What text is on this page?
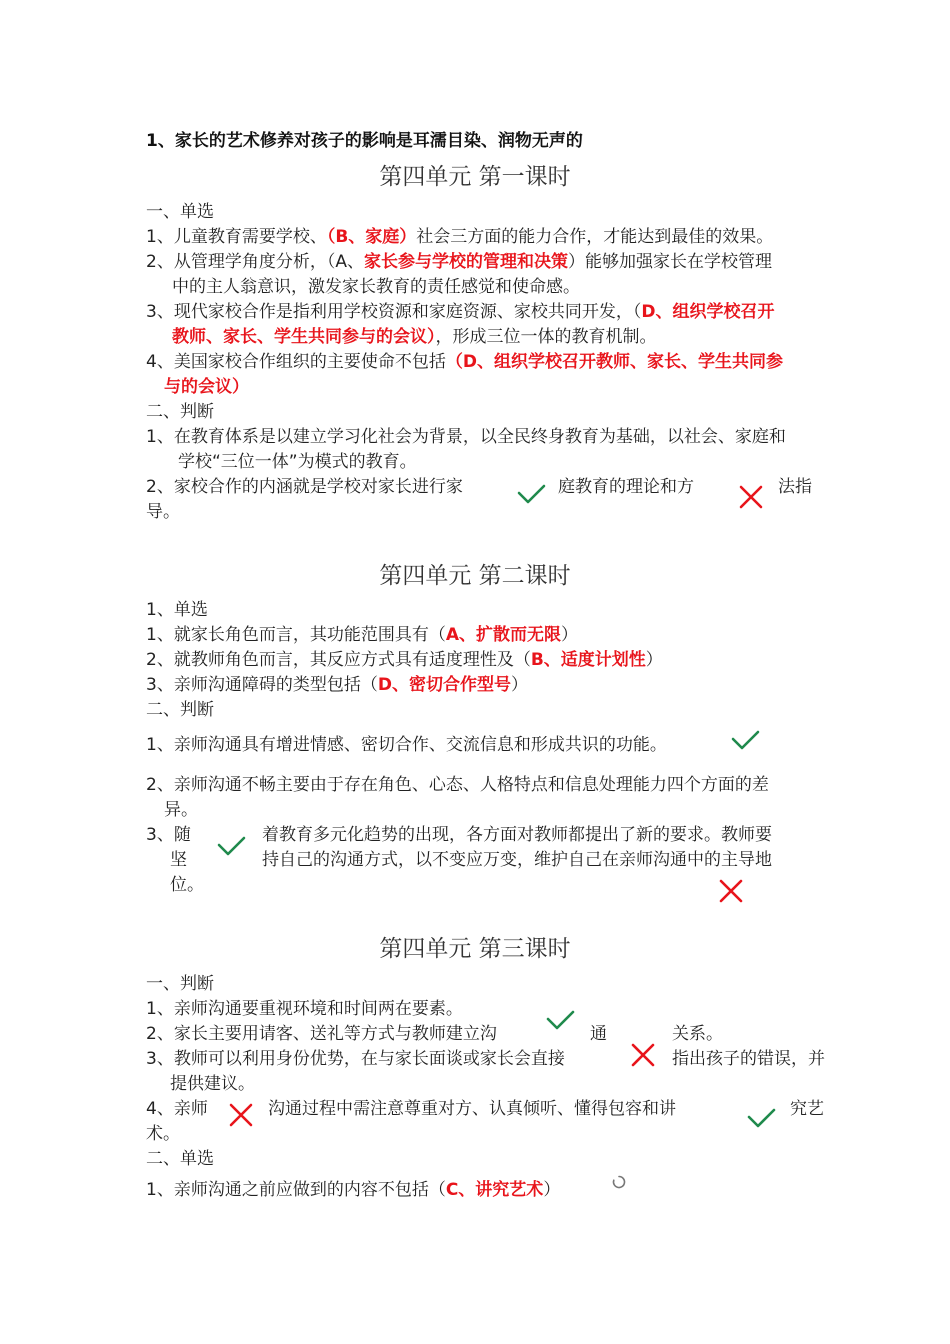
1、家长的艺术修养对孩子的影响是耳濡目染、润物无声的
第四单元 第一课时
一、单选
1、儿童教育需要学校、（B、家庭）社会三方面的能力合作，才能达到最佳的效果。
2、从管理学角度分析，（A、家长参与学校的管理和决策）能够加强家长在学校管理
中的主人翁意识，激发家长教育的责任感觉和使命感。
3、现代家校合作是指利用学校资源和家庭资源、家校共同开发，（D、组织学校召开
教师、家长、学生共同参与的会议），形成三位一体的教育机制。
4、美国家校合作组织的主要使命不包括（D、组织学校召开教师、家长、学生共同参
与的会议）
二、判断
1、在教育体系是以建立学习化社会为背景，以全民终身教育为基础，以社会、家庭和
学校“三位一体”为模式的教育。
2、家校合作的内涵就是学校对家长进行家	庭教育的理论和方	法指
导。
第四单元 第二课时
1、单选
1、就家长角色而言，其功能范围具有（A、扩散而无限）
2、就教师角色而言，其反应方式具有适度理性及（B、适度计划性）
3、亲师沟通障碍的类型包括（D、密切合作型号）
二、判断
1、亲师沟通具有增进情感、密切合作、交流信息和形成共识的功能。
2、亲师沟通不畅主要由于存在角色、心态、人格特点和信息处理能力四个方面的差
异。
3、随	着教育多元化趋势的出现，各方面对教师都提出了新的要求。教师要
坚	持自己的沟通方式，以不变应万变，维护自己在亲师沟通中的主导地
位。
第四单元 第三课时
一、判断
1、亲师沟通要重视环境和时间两在要素。
2、家长主要用请客、送礼等方式与教师建立沟	通	关系。
3、教师可以利用身份优势，在与家长面谈或家长会直接	指出孩子的错误，并
提供建议。
4、亲师	沟通过程中需注意尊重对方、认真倾听、懂得包容和讲	究艺
术。
二、单选
1、亲师沟通之前应做到的内容不包括（C、讲究艺术）
